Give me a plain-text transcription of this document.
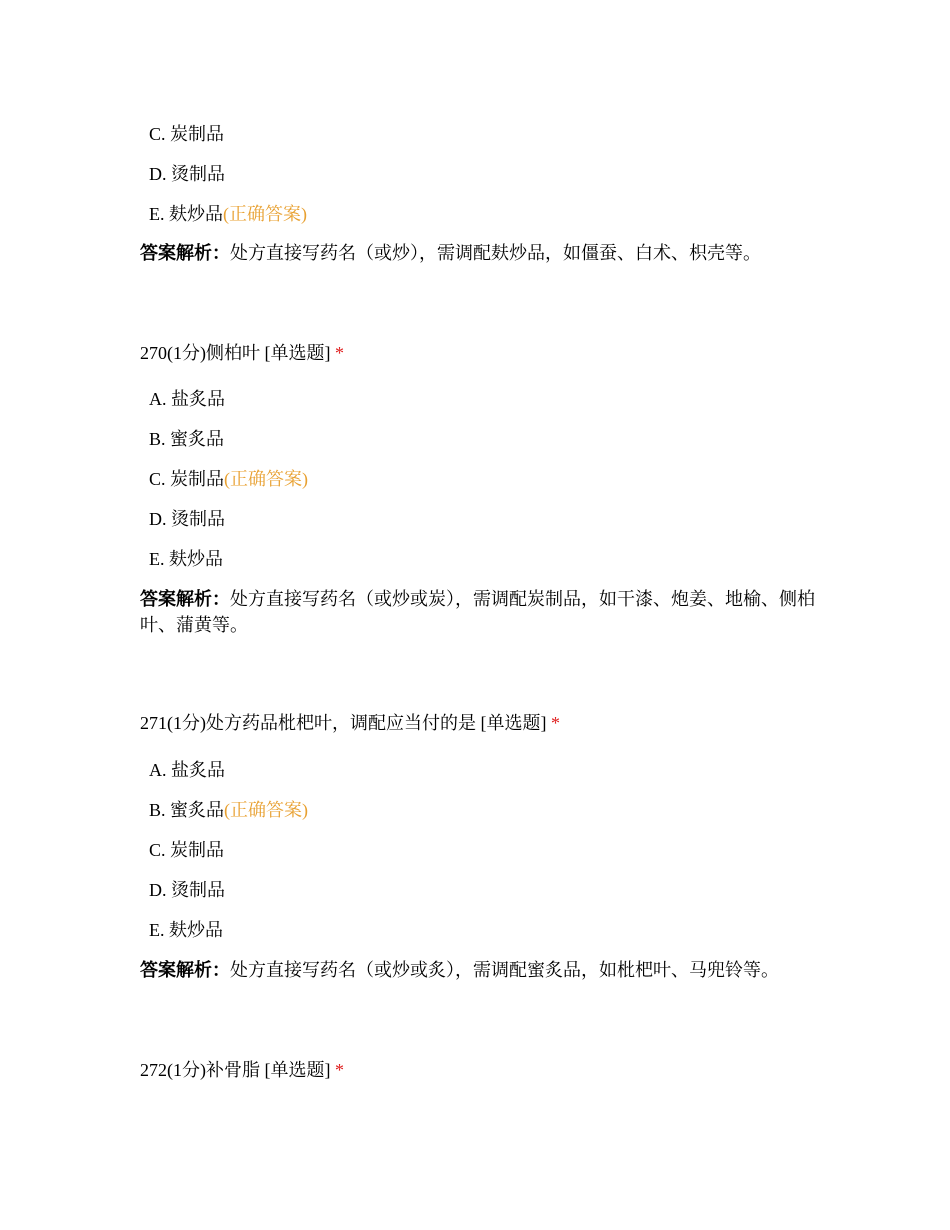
C. 炭制品
D. 烫制品
E. 麸炒品(正确答案)
答案解析：处方直接写药名（或炒），需调配麸炒品，如僵蚕、白术、枳壳等。
270(1分)侧柏叶 [单选题] *
A. 盐炙品
B. 蜜炙品
C. 炭制品(正确答案)
D. 烫制品
E. 麸炒品
答案解析：处方直接写药名（或炒或炭），需调配炭制品，如干漆、炮姜、地榆、侧柏叶、蒲黄等。
271(1分)处方药品枇杷叶，调配应当付的是 [单选题] *
A. 盐炙品
B. 蜜炙品(正确答案)
C. 炭制品
D. 烫制品
E. 麸炒品
答案解析：处方直接写药名（或炒或炙），需调配蜜炙品，如枇杷叶、马兜铃等。
272(1分)补骨脂 [单选题] *
